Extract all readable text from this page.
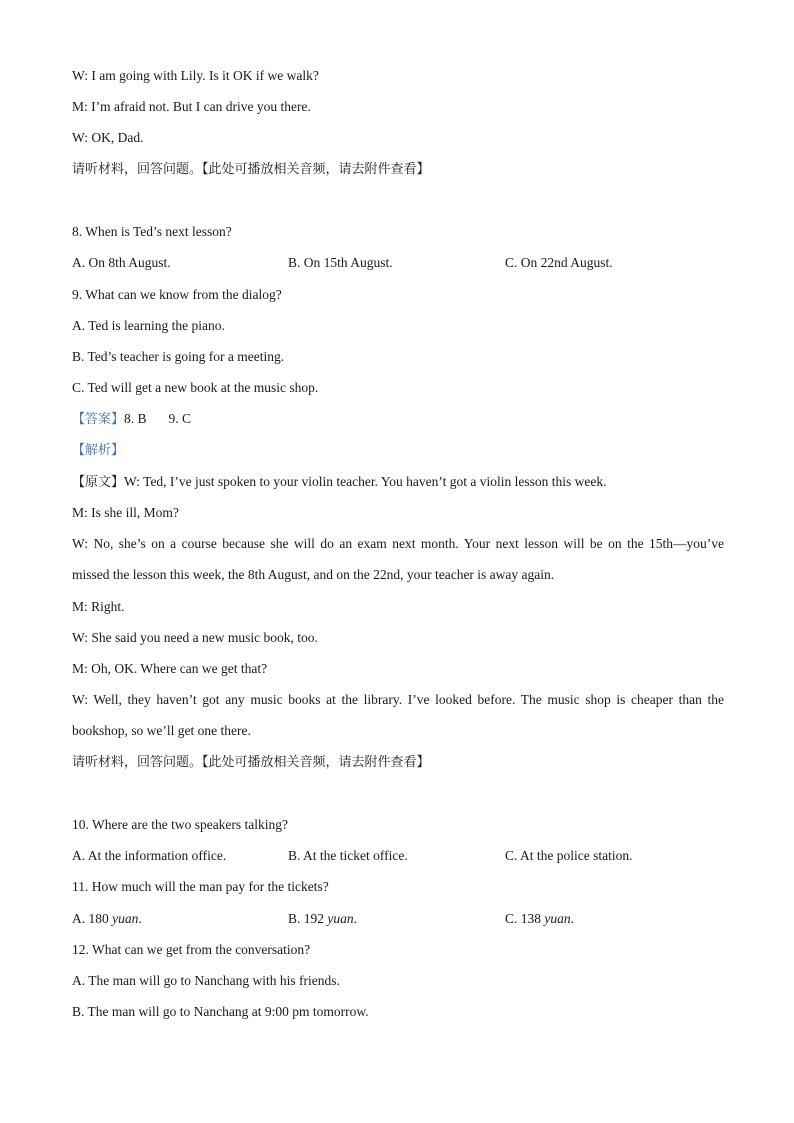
W: I am going with Lily. Is it OK if we walk?
M: I’m afraid not. But I can drive you there.
W: OK, Dad.
请听材料，回答问题。【此处可播放相关音频，请去附件查看】
8. When is Ted’s next lesson?
A. On 8th August.	B. On 15th August.	C. On 22nd August.
9. What can we know from the dialog?
A. Ted is learning the piano.
B. Ted’s teacher is going for a meeting.
C. Ted will get a new book at the music shop.
【答案】8. B 9. C
【解析】
【原文】W: Ted, I’ve just spoken to your violin teacher. You haven’t got a violin lesson this week.
M: Is she ill, Mom?
W: No, she’s on a course because she will do an exam next month. Your next lesson will be on the 15th—you’ve
missed the lesson this week, the 8th August, and on the 22nd, your teacher is away again.
M: Right.
W: She said you need a new music book, too.
M: Oh, OK. Where can we get that?
W: Well, they haven’t got any music books at the library. I’ve looked before. The music shop is cheaper than the
bookshop, so we’ll get one there.
请听材料，回答问题。【此处可播放相关音频，请去附件查看】
10. Where are the two speakers talking?
A. At the information office.	B. At the ticket office.	C. At the police station.
11. How much will the man pay for the tickets?
A. 180 yuan.	B. 192 yuan.	C. 138 yuan.
12. What can we get from the conversation?
A. The man will go to Nanchang with his friends.
B. The man will go to Nanchang at 9:00 pm tomorrow.
